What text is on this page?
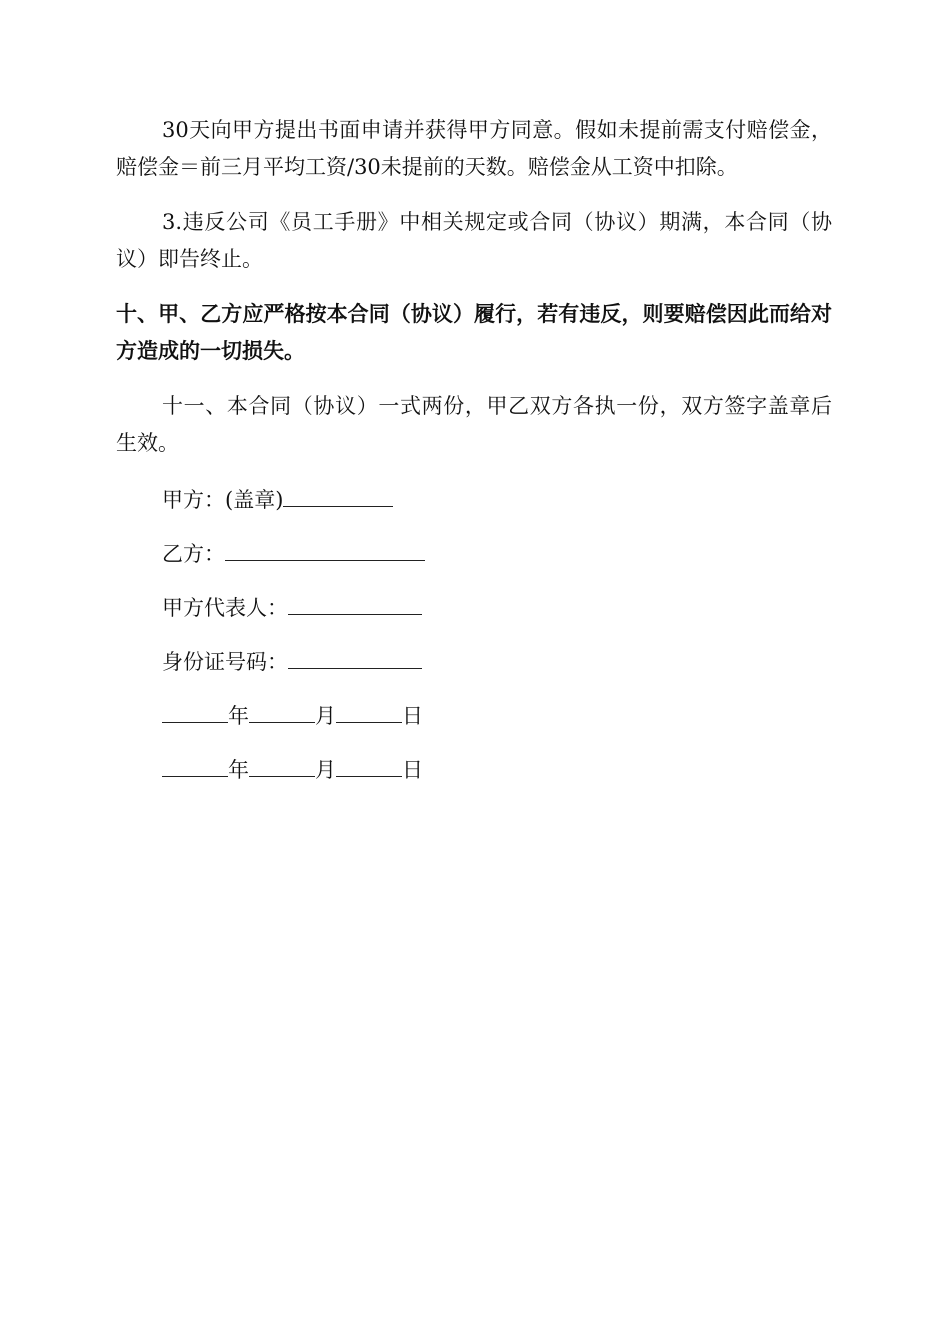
30天向甲方提出书面申请并获得甲方同意。假如未提前需支付赔偿金，赔偿金＝前三月平均工资/30未提前的天数。赔偿金从工资中扣除。

3.违反公司《员工手册》中相关规定或合同（协议）期满，本合同（协议）即告终止。

十、甲、乙方应严格按本合同（协议）履行，若有违反，则要赔偿因此而给对方造成的一切损失。

十一、本合同（协议）一式两份，甲乙双方各执一份，双方签字盖章后生效。

甲方：(盖章)
乙方：
甲方代表人：
身份证号码：
年	月	日
年	月	日
